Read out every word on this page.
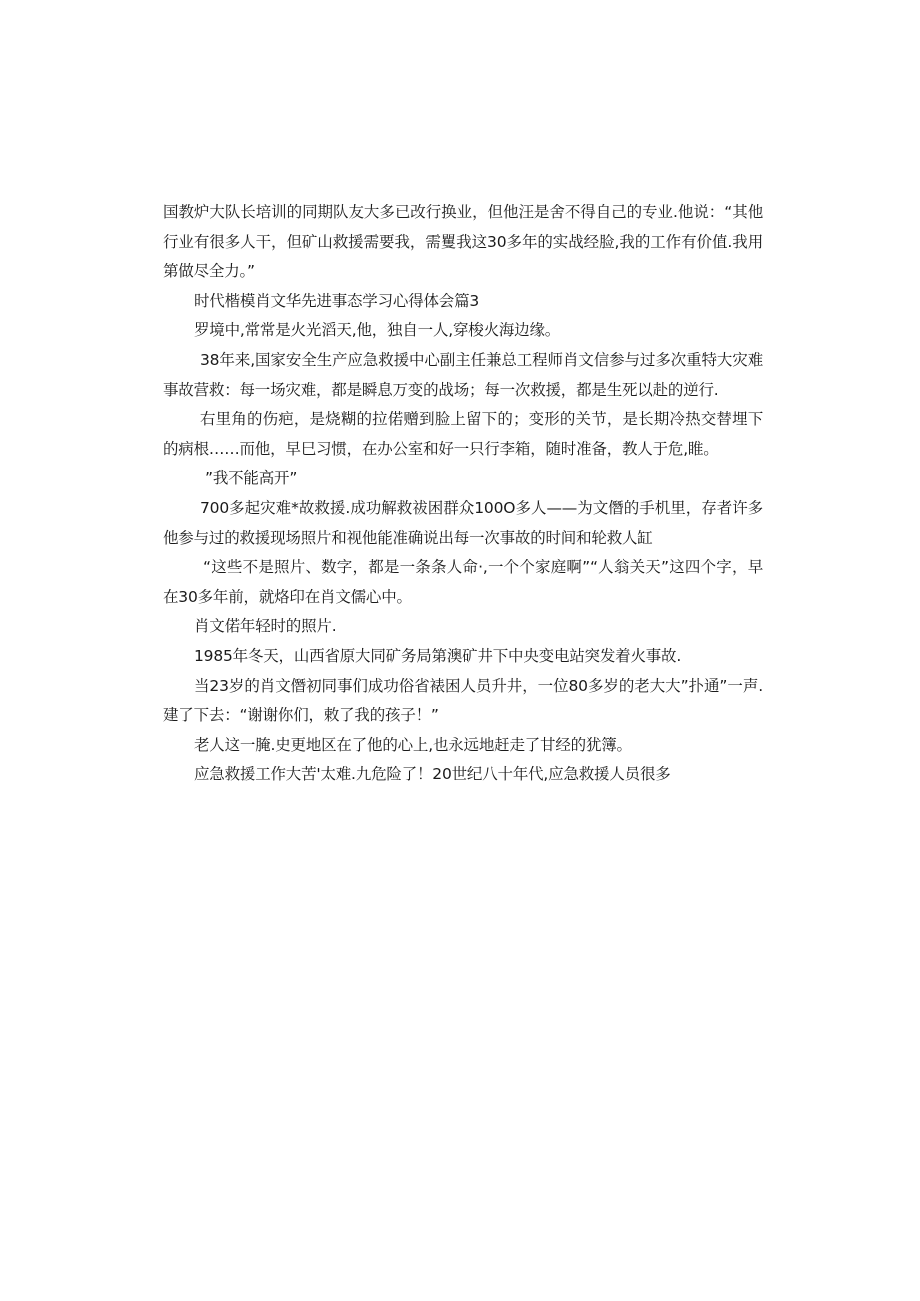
国教炉大队长培训的同期队友大多已改行换业，但他汪是舍不得自己的专业.他说：“其他行业有很多人干，但矿山救援需要我，需矍我这30多年的实战经脸,我的工作有价值.我用第做尽全力。”

时代楷模肖文华先进事态学习心得体会篇3

罗境中,常常是火光滔天,他，独自一人,穿梭火海边缘。

38年来,国家安全生产应急救援中心副主任兼总工程师肖文信参与过多次重特大灾难事故营救：每一场灾难，都是瞬息万变的战场；每一次救援，都是生死以赴的逆行.

右里角的伤疤，是烧糊的拉偌赠到脸上留下的；变形的关节，是长期冷热交替埋下的病根……而他，早巳习惯，在办公室和好一只行李箱，随时准备，教人于危,睢。

”我不能高开”

700多起灾难*故救援.成功解救祓困群众100O多人——为文僭的手机里，存者许多他参与过的救援现场照片和视他能准确说出每一次事故的时间和轮救人缸

“这些不是照片、数字，都是一条条人命·,一个个家庭啊”“人翁关天”这四个字，早在30多年前，就烙印在肖文儒心中。

肖文偌年轻时的照片.

1985年冬天，山西省原大同矿务局第澳矿井下中央变电站突发着火事故.

当23岁的肖文僭初同事们成功俗省裱困人员升井，一位80多岁的老大大”扑通”一声.建了下去：“谢谢你们，敕了我的孩子！”

老人这一腌.史更地区在了他的心上,也永远地赶走了甘经的犹簿。

应急救援工作大苦'太难.九危险了！20世纪八十年代,应急救援人员很多
